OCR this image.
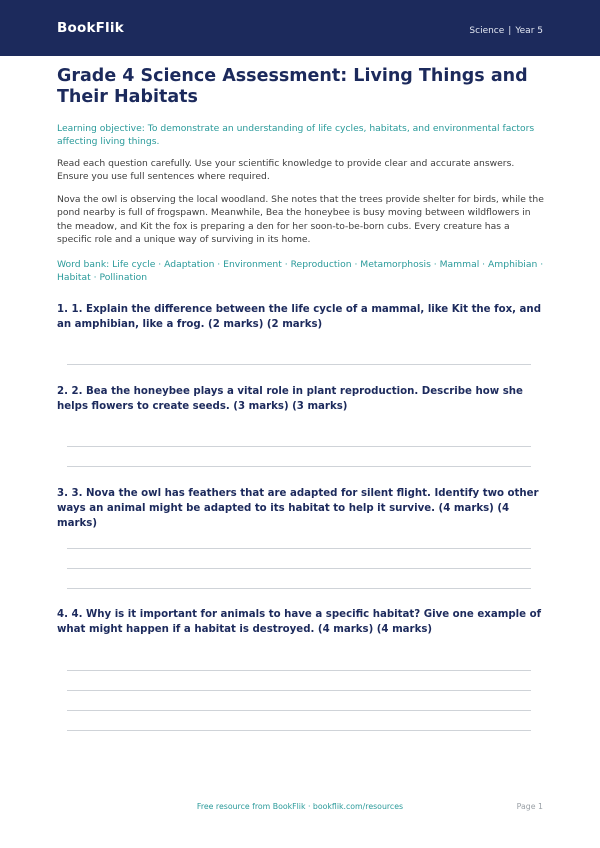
BookFlik	Science | Year 5
Grade 4 Science Assessment: Living Things and Their Habitats

Learning objective: To demonstrate an understanding of life cycles, habitats, and environmental factors affecting living things.

Read each question carefully. Use your scientific knowledge to provide clear and accurate answers. Ensure you use full sentences where required.

Nova the owl is observing the local woodland. She notes that the trees provide shelter for birds, while the pond nearby is full of frogspawn. Meanwhile, Bea the honeybee is busy moving between wildflowers in the meadow, and Kit the fox is preparing a den for her soon-to-be-born cubs. Every creature has a specific role and a unique way of surviving in its home.

Word bank: Life cycle · Adaptation · Environment · Reproduction · Metamorphosis · Mammal · Amphibian · Habitat · Pollination

1. 1. Explain the difference between the life cycle of a mammal, like Kit the fox, and an amphibian, like a frog. (2 marks) (2 marks)

2. 2. Bea the honeybee plays a vital role in plant reproduction. Describe how she helps flowers to create seeds. (3 marks) (3 marks)

3. 3. Nova the owl has feathers that are adapted for silent flight. Identify two other ways an animal might be adapted to its habitat to help it survive. (4 marks) (4 marks)

4. 4. Why is it important for animals to have a specific habitat? Give one example of what might happen if a habitat is destroyed. (4 marks) (4 marks)

Free resource from BookFlik · bookflik.com/resources	Page 1
